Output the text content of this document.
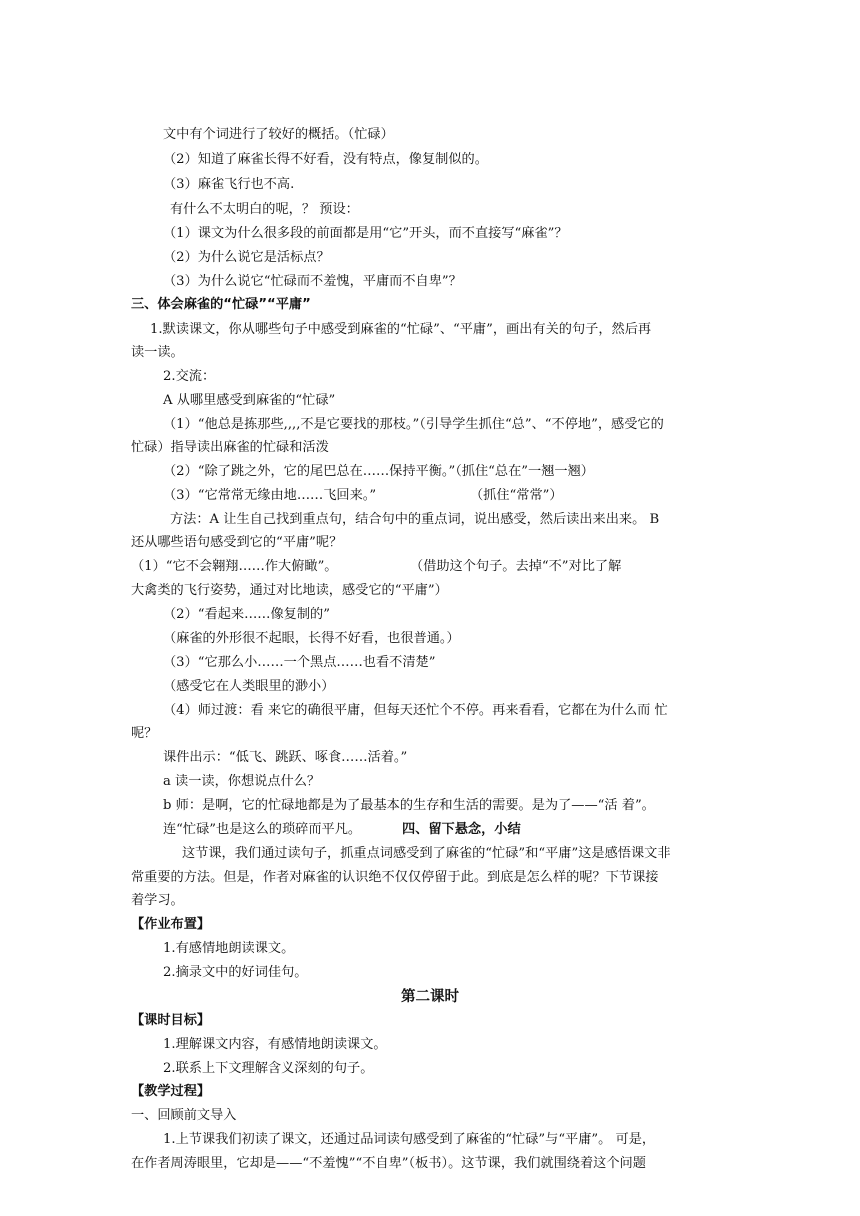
文中有个词进行了较好的概括。（忙碌）
（2）知道了麻雀长得不好看，没有特点，像复制似的。
（3）麻雀飞行也不高.
有什么不太明白的呢，？ 预设：
（1）课文为什么很多段的前面都是用“它”开头，而不直接写“麻雀”？
（2）为什么说它是活标点？
（3）为什么说它“忙碌而不羞愧，平庸而不自卑”？
三、体会麻雀的“忙碌”“平庸”
1.默读课文，你从哪些句子中感受到麻雀的“忙碌”、“平庸”，画出有关的句子，然后再
读一读。
2.交流：
A 从哪里感受到麻雀的“忙碌”
（1）“他总是拣那些,,,,不是它要找的那枝。”（引导学生抓住“总”、“不停地”，感受它的
忙碌）指导读出麻雀的忙碌和活泼
（2）“除了跳之外，它的尾巴总在……保持平衡。”（抓住“总在”一翘一翘）
（3）“它常常无缘由地……飞回来。”	（抓住“常常”）
方法：A 让生自己找到重点句，结合句中的重点词，说出感受，然后读出来出来。 B
还从哪些语句感受到它的“平庸”呢？
（1）“它不会翱翔……作大俯瞰”。	（借助这个句子。去掉“不”对比了解
大禽类的飞行姿势，通过对比地读，感受它的“平庸”）
（2）“看起来……像复制的”
（麻雀的外形很不起眼，长得不好看，也很普通。）
（3）“它那么小……一个黑点……也看不清楚”
（感受它在人类眼里的渺小）
（4）师过渡：看 来它的确很平庸，但每天还忙个不停。再来看看，它都在为什么而 忙
呢？
课件出示：“低飞、跳跃、啄食……活着。”
a 读一读，你想说点什么？
b 师：是啊，它的忙碌地都是为了最基本的生存和生活的需要。是为了——“活 着”。
连“忙碌”也是这么的琐碎而平凡。	四、留下悬念，小结
这节课，我们通过读句子，抓重点词感受到了麻雀的“忙碌”和“平庸”这是感悟课文非
常重要的方法。但是，作者对麻雀的认识绝不仅仅停留于此。到底是怎么样的呢？下节课接
着学习。
【作业布置】
1.有感情地朗读课文。
2.摘录文中的好词佳句。
第二课时
【课时目标】
1.理解课文内容，有感情地朗读课文。
2.联系上下文理解含义深刻的句子。
【教学过程】
一、回顾前文导入
1.上节课我们初读了课文，还通过品词读句感受到了麻雀的“忙碌”与“平庸”。 可是，
在作者周涛眼里，它却是——“不羞愧”“不自卑”（板书）。这节课，我们就围绕着这个问题
